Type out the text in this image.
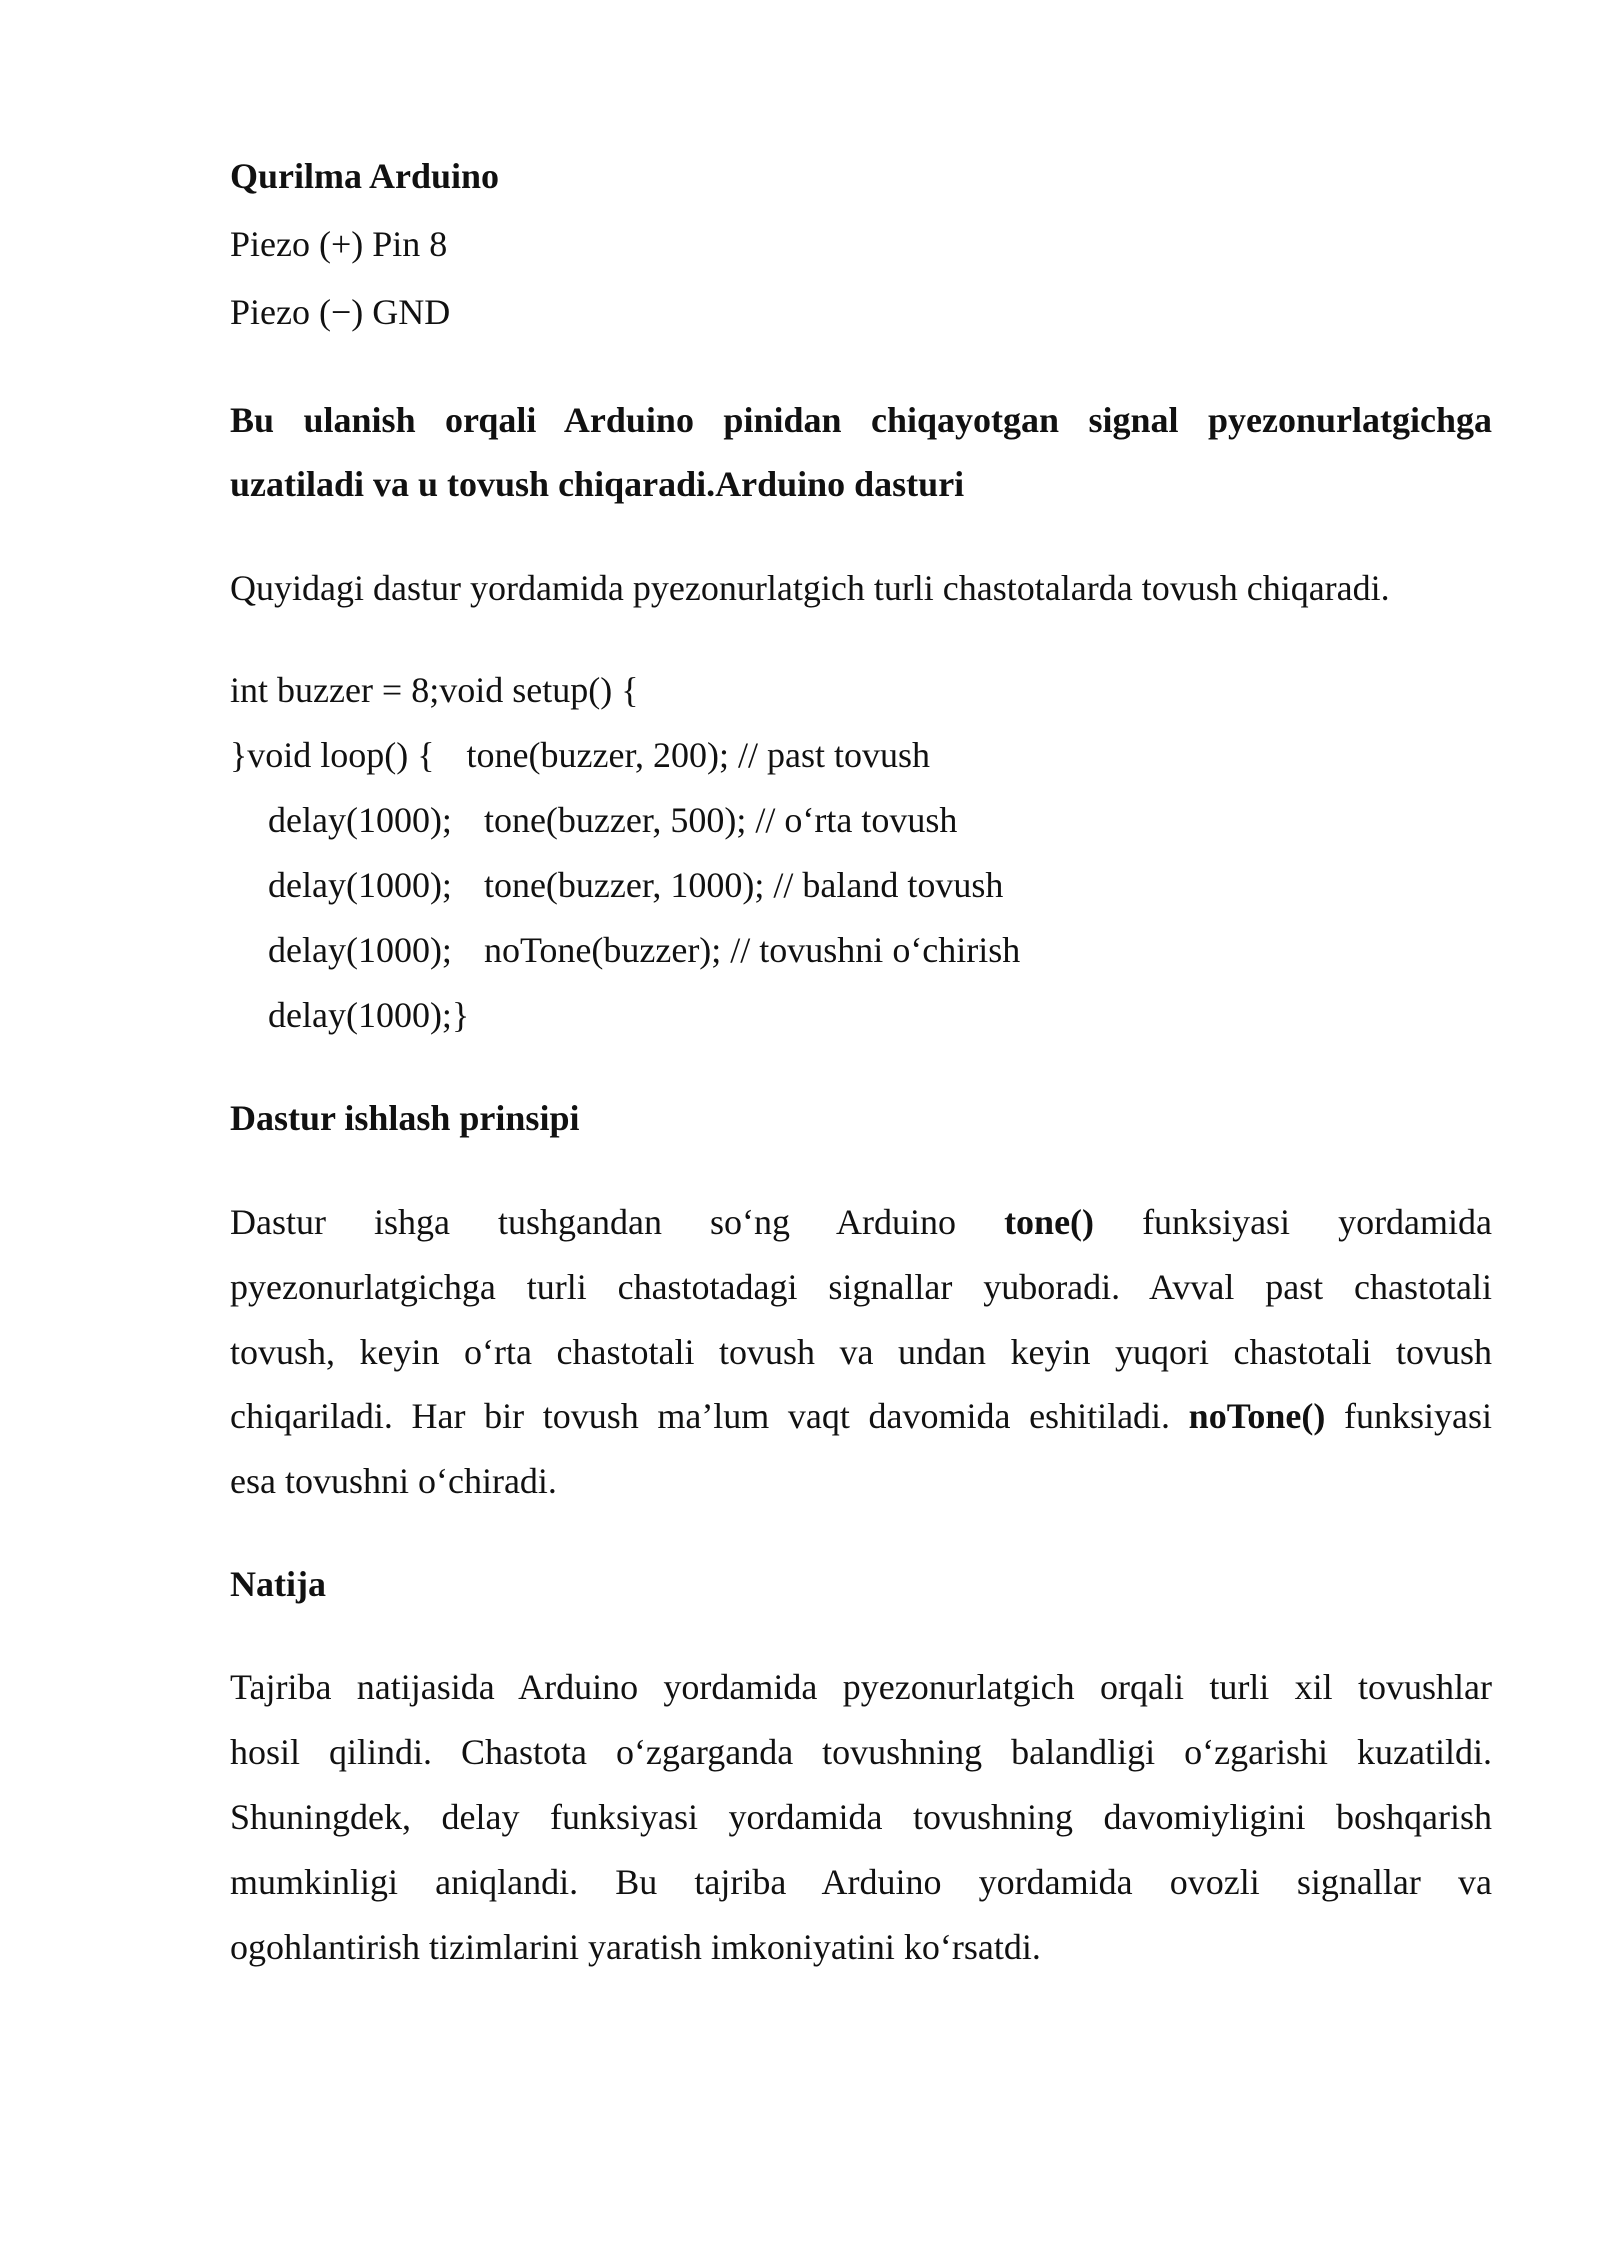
Qurilma Arduino
Piezo (+) Pin 8
Piezo (−) GND
Bu ulanish orqali Arduino pinidan chiqayotgan signal pyezonurlatgichga
uzatiladi va u tovush chiqaradi.Arduino dasturi
Quyidagi dastur yordamida pyezonurlatgich turli chastotalarda tovush chiqaradi.
int buzzer = 8;void setup() {
}void loop() { tone(buzzer, 200); // past tovush
delay(1000); tone(buzzer, 500); // o‘rta tovush
delay(1000); tone(buzzer, 1000); // baland tovush
delay(1000); noTone(buzzer); // tovushni o‘chirish
delay(1000);}
Dastur ishlash prinsipi
Dastur ishga tushgandan so‘ng Arduino tone() funksiyasi yordamida
pyezonurlatgichga turli chastotadagi signallar yuboradi. Avval past chastotali
tovush, keyin o‘rta chastotali tovush va undan keyin yuqori chastotali tovush
chiqariladi. Har bir tovush ma’lum vaqt davomida eshitiladi. noTone() funksiyasi
esa tovushni o‘chiradi.
Natija
Tajriba natijasida Arduino yordamida pyezonurlatgich orqali turli xil tovushlar
hosil qilindi. Chastota o‘zgarganda tovushning balandligi o‘zgarishi kuzatildi.
Shuningdek, delay funksiyasi yordamida tovushning davomiyligini boshqarish
mumkinligi aniqlandi. Bu tajriba Arduino yordamida ovozli signallar va
ogohlantirish tizimlarini yaratish imkoniyatini ko‘rsatdi.
